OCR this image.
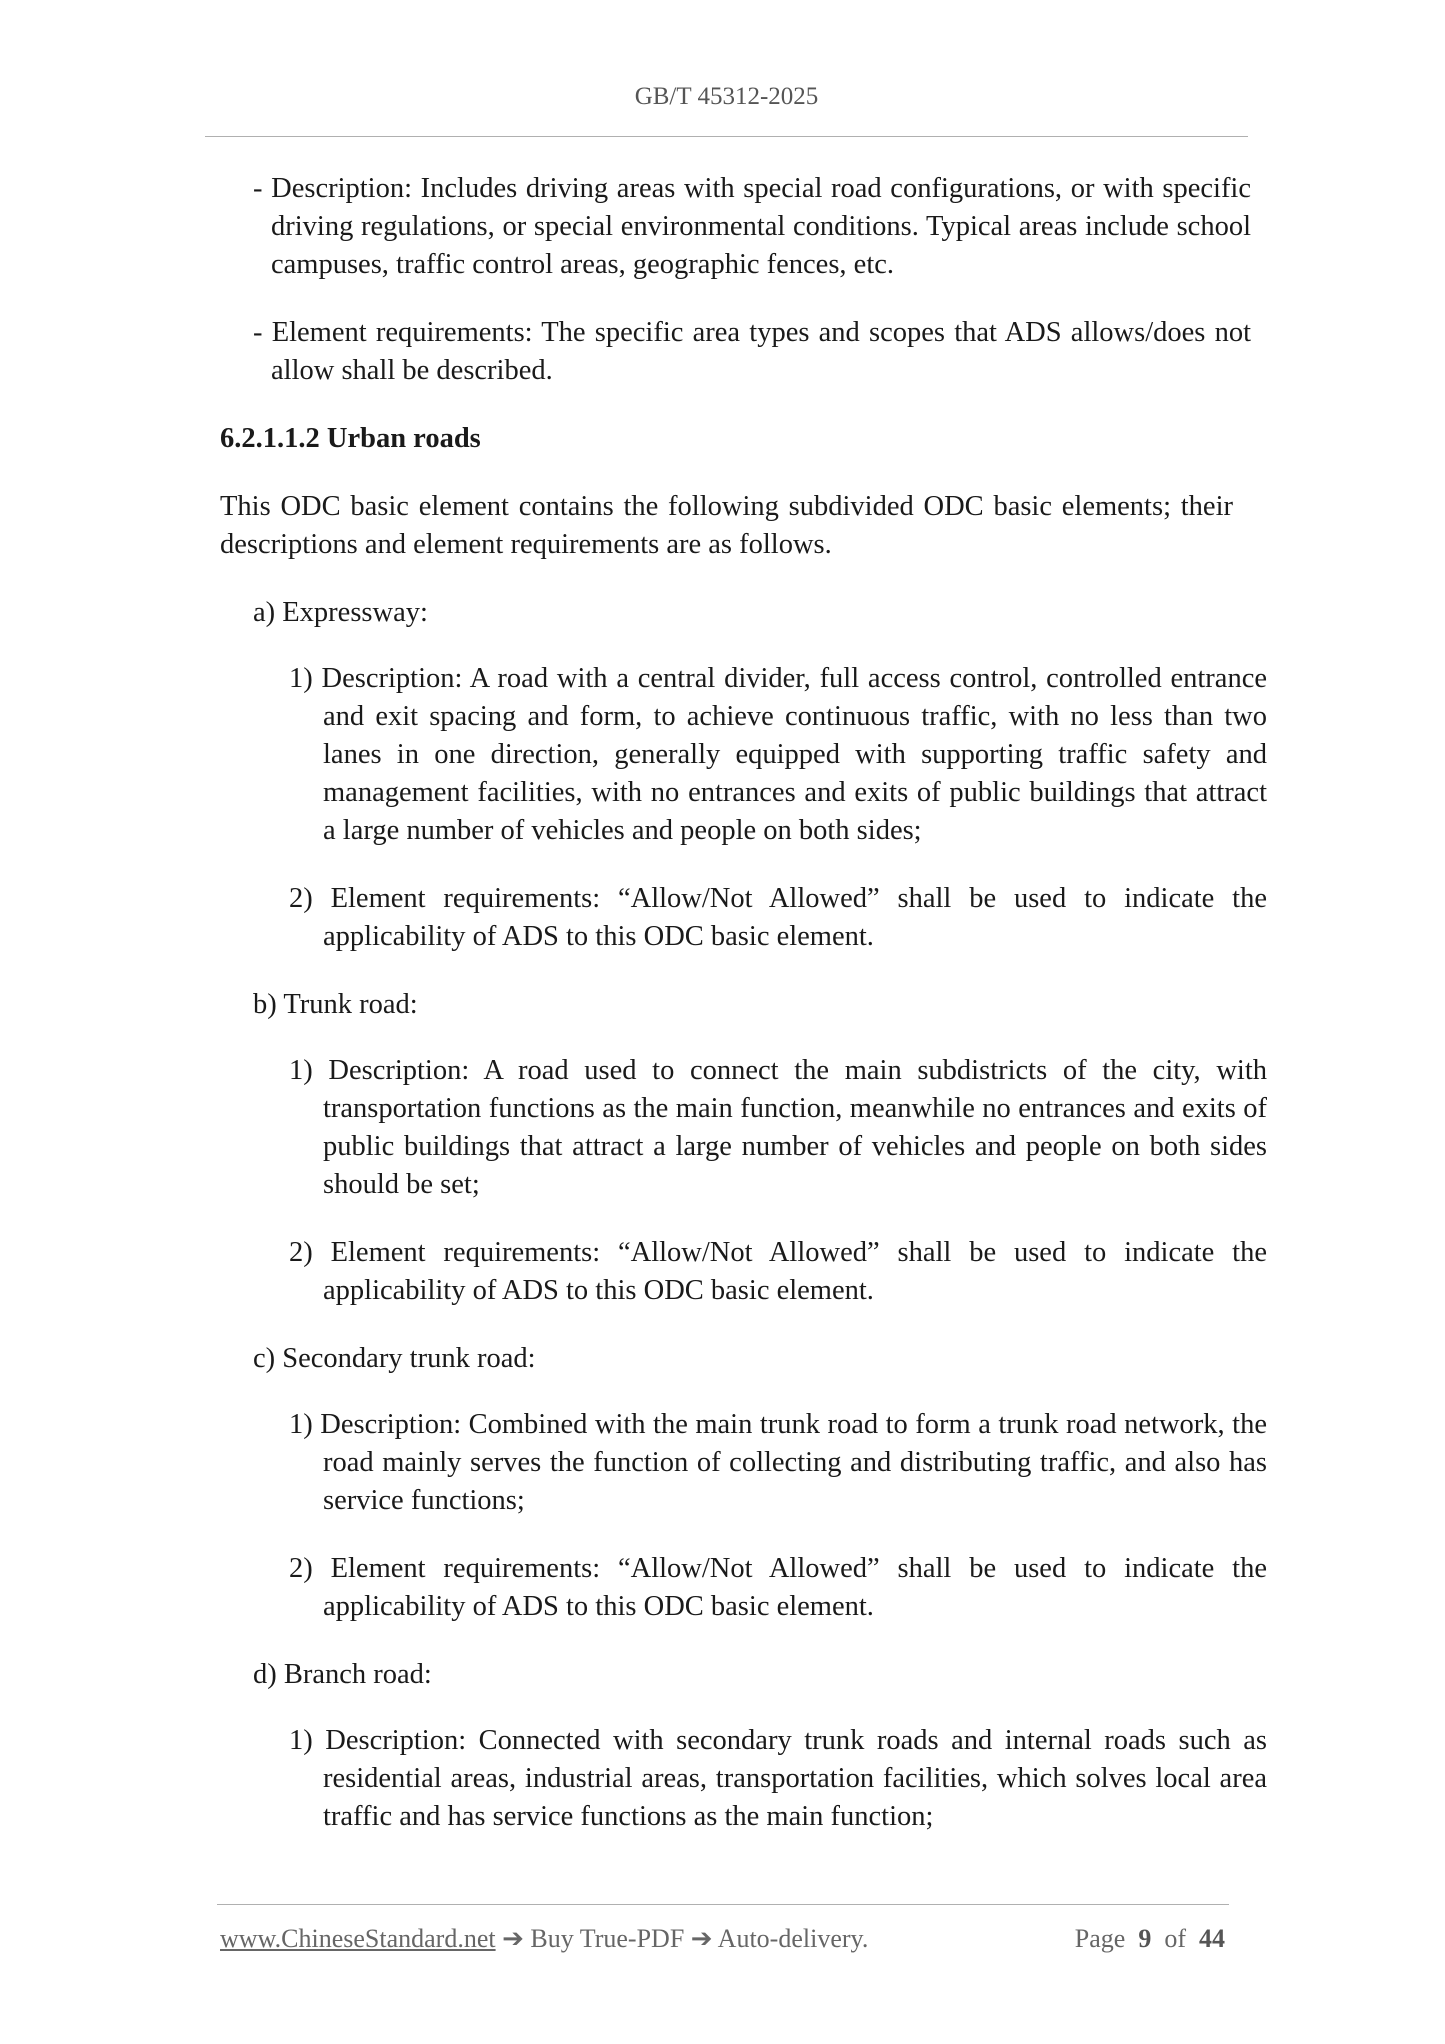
GB/T 45312-2025

- Description: Includes driving areas with special road configurations, or with specific driving regulations, or special environmental conditions. Typical areas include school campuses, traffic control areas, geographic fences, etc.

- Element requirements: The specific area types and scopes that ADS allows/does not allow shall be described.

6.2.1.1.2 Urban roads

This ODC basic element contains the following subdivided ODC basic elements; their descriptions and element requirements are as follows.

a) Expressway:

1) Description: A road with a central divider, full access control, controlled entrance and exit spacing and form, to achieve continuous traffic, with no less than two lanes in one direction, generally equipped with supporting traffic safety and management facilities, with no entrances and exits of public buildings that attract a large number of vehicles and people on both sides;

2) Element requirements: “Allow/Not Allowed” shall be used to indicate the applicability of ADS to this ODC basic element.

b) Trunk road:

1) Description: A road used to connect the main subdistricts of the city, with transportation functions as the main function, meanwhile no entrances and exits of public buildings that attract a large number of vehicles and people on both sides should be set;

2) Element requirements: “Allow/Not Allowed” shall be used to indicate the applicability of ADS to this ODC basic element.

c) Secondary trunk road:

1) Description: Combined with the main trunk road to form a trunk road network, the road mainly serves the function of collecting and distributing traffic, and also has service functions;

2) Element requirements: “Allow/Not Allowed” shall be used to indicate the applicability of ADS to this ODC basic element.

d) Branch road:

1) Description: Connected with secondary trunk roads and internal roads such as residential areas, industrial areas, transportation facilities, which solves local area traffic and has service functions as the main function;

www.ChineseStandard.net ➔ Buy True-PDF ➔ Auto-delivery.	Page 9 of 44
